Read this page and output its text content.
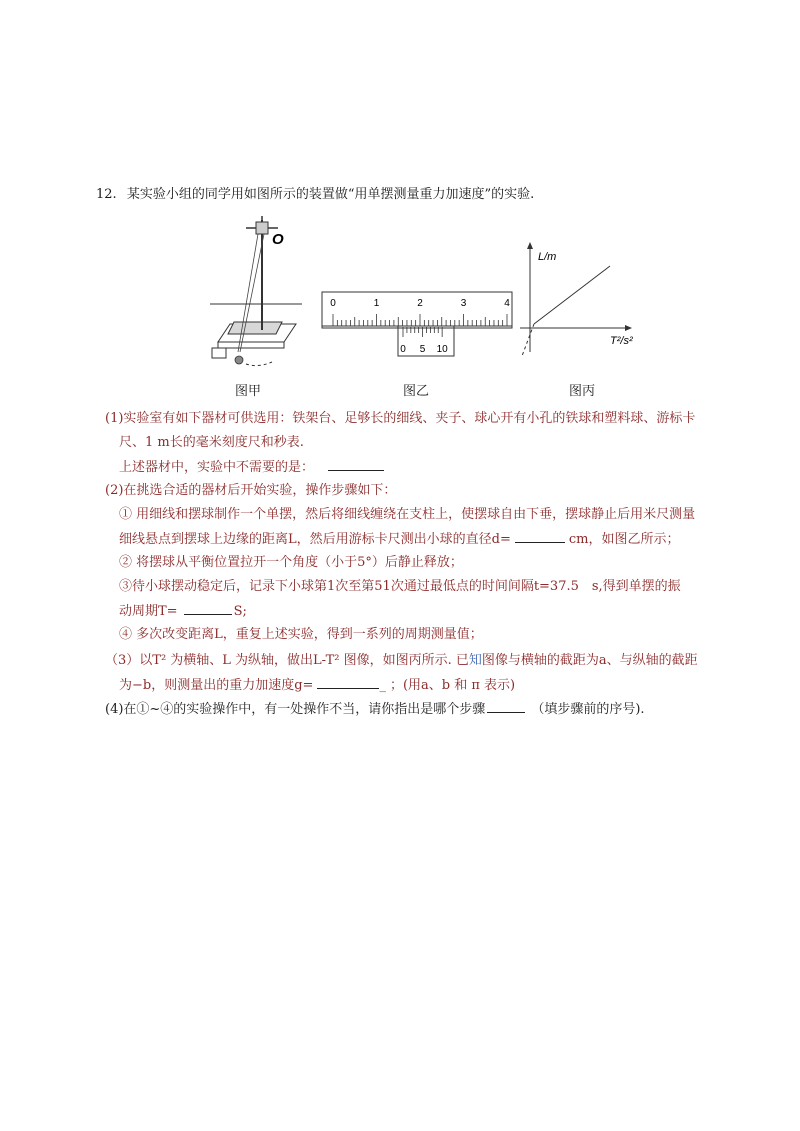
12. 某实验小组的同学用如图所示的装置做“用单摆测量重力加速度”的实验.
O
图甲
0	1	2	3	4
0 5 10
图乙
L/m
T²/s²
图丙
(1)实验室有如下器材可供选用：铁架台、足够长的细线、夹子、球心开有小孔的铁球和塑料球、游标卡
尺、1 m长的毫米刻度尺和秒表.
上述器材中，实验中不需要的是：
(2)在挑选合适的器材后开始实验，操作步骤如下：
① 用细线和摆球制作一个单摆，然后将细线缠绕在支柱上，使摆球自由下垂，摆球静止后用米尺测量
细线悬点到摆球上边缘的距离L，然后用游标卡尺测出小球的直径d=	cm，如图乙所示；
② 将摆球从平衡位置拉开一个角度（小于5°）后静止释放；
③待小球摆动稳定后，记录下小球第1次至第51次通过最低点的时间间隔t=37.5　s,得到单摆的振
动周期T=	S;
④ 多次改变距离L，重复上述实验，得到一系列的周期测量值；
（3）以T² 为横轴、L 为纵轴，做出L-T² 图像，如图丙所示. 已知图像与横轴的截距为a、与纵轴的截距
为−b，则测量出的重力加速度g=	_ ；(用a、b 和 π 表示)
(4)在①~④的实验操作中，有一处操作不当，请你指出是哪个步骤	（填步骤前的序号).
